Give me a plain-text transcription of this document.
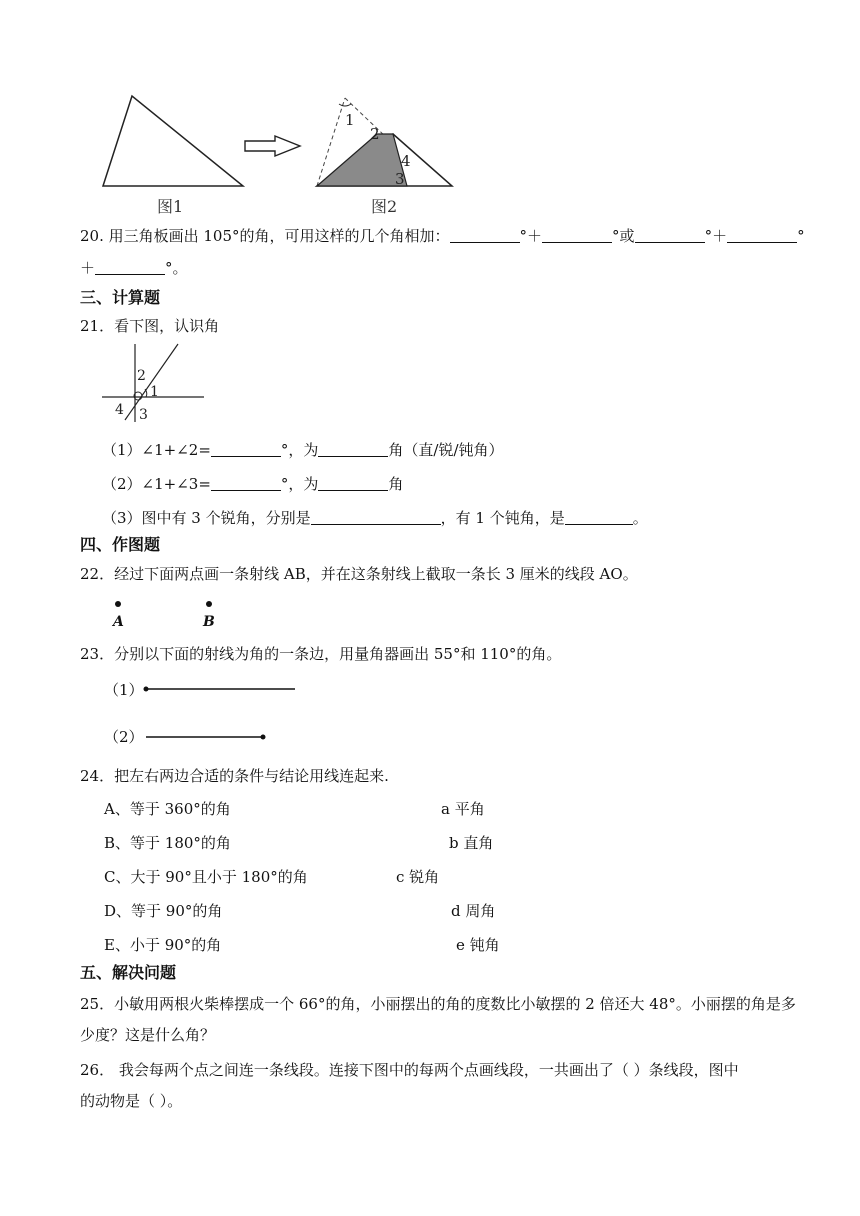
1
2
4
3
图1	图2
20. 用三角板画出 105°的角，可用这样的几个角相加：	°＋	°或	°＋	°
＋	°。
三、计算题
21．看下图，认识角
2
1
4 3
（1）∠1+∠2=	°，为	角（直/锐/钝角）
（2）∠1+∠3=	°，为	角
（3）图中有 3 个锐角，分别是	，有 1 个钝角，是	。
四、作图题
22．经过下面两点画一条射线 AB，并在这条射线上截取一条长 3 厘米的线段 AO。
A	B
23．分别以下面的射线为角的一条边，用量角器画出 55°和 110°的角。
（1）
（2）
24．把左右两边合适的条件与结论用线连起来.
A、等于 360°的角	a 平角
B、等于 180°的角	b 直角
C、大于 90°且小于 180°的角	c 锐角
D、等于 90°的角	d 周角
E、小于 90°的角	e 钝角
五、解决问题
25．小敏用两根火柴棒摆成一个 66°的角，小丽摆出的角的度数比小敏摆的 2 倍还大 48°。小丽摆的角是多
少度？这是什么角？
26． 我会每两个点之间连一条线段。连接下图中的每两个点画线段，一共画出了（ ）条线段，图中
的动物是（ ）。
